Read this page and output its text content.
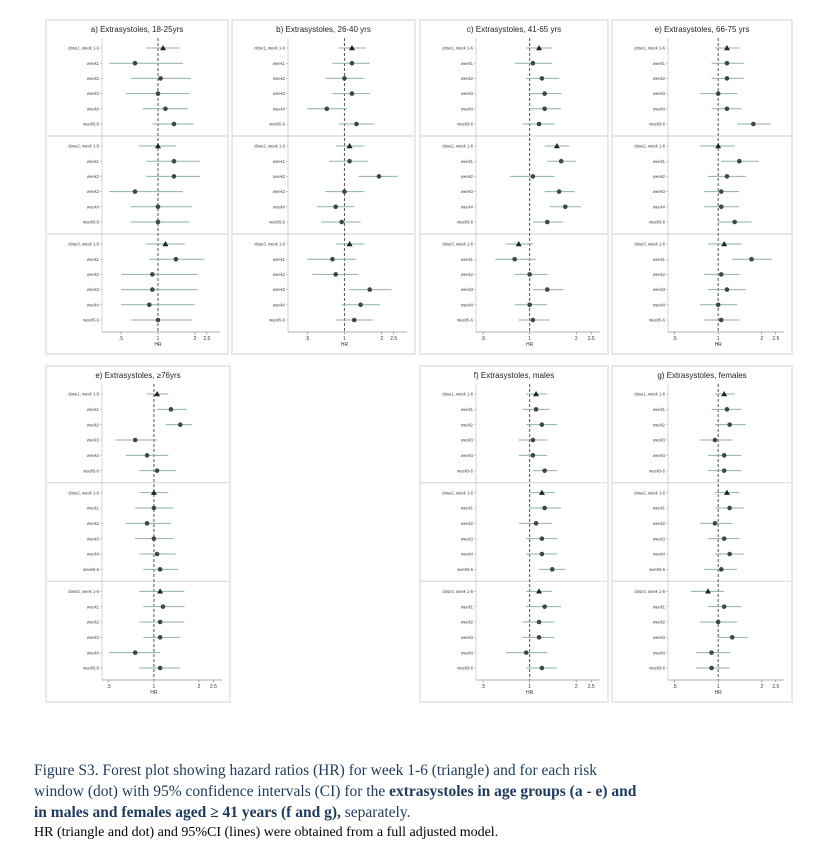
a) Extrasystoles, 18-25yrs
dose1, week 1-6
week1
week2
week3
week4
week5-6
dose2, week 1-6
week1
week2
week3
week4
week5-6
dose3, week 1-6
week1
week2
week3
week4
week5-6
.5	1	2 2.5
HR
b) Extrasystoles, 26-40 yrs
dose1, week 1-6
week1
week2
week3
week4
week5-6
dose2, week 1-6
week1
week2
week3
week4
week5-6
dose3, week 1-6
week1
week2
week3
week4
week5-6
.5	1	2 2.5
HR
c) Extrasystoles, 41-65 yrs
dose1, week 1-6
week1
week2
week3
week4
week5-6
dose2, week 1-6
week1
week2
week3
week4
week5-6
dose3, week 1-6
week1
week2
week3
week4
week5-6
.5	1	2 2.5
HR
e) Extrasystoles, 66-75 yrs
dose1, week 1-6
week1
week2
week3
week4
week5-6
dose2, week 1-6
week1
week2
week3
week4
week5-6
dose3, week 1-6
week1
week2
week3
week4
week5-6
.5	1	2 2.5
HR
e) Extrasystoles, ≥76yrs
dose1, week 1-6
week1
week2
week3
week4
week5-6
dose2, week 1-6
week1
week2
week3
week4
week5-6
dose3, week 1-6
week1
week2
week3
week4
week5-6
.5	1	2 2.5
HR
f) Extrasystoles, males
dose1, week 1-6
week1
week2
week3
week4
week5-6
dose2, week 1-6
week1
week2
week3
week4
week5-6
dose3, week 1-6
week1
week2
week3
week4
week5-6
.5	1	2 2.5
HR
g) Extrasystoles, females
dose1, week 1-6
week1
week2
week3
week4
week5-6
dose2, week 1-6
week1
week2
week3
week4
week5-6
dose3, week 1-6
week1
week2
week3
week4
week5-6
.5	1	2 2.5
HR
Figure S3. Forest plot showing hazard ratios (HR) for week 1-6 (triangle) and for each risk
window (dot) with 95% confidence intervals (CI) for the extrasystoles in age groups (a - e) and
in males and females aged ≥ 41 years (f and g), separately.
HR (triangle and dot) and 95%CI (lines) were obtained from a full adjusted model.
